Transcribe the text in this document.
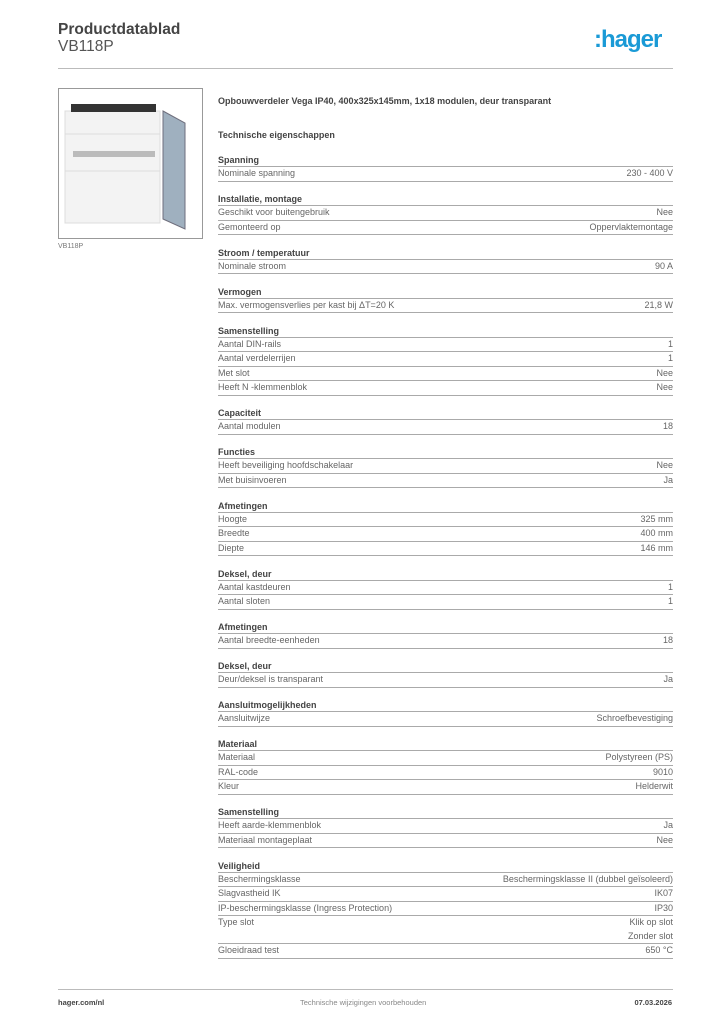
Productdatablad
VB118P	:hager
VB118P
Opbouwverdeler Vega IP40, 400x325x145mm, 1x18 modulen, deur transparant
Technische eigenschappen
Spanning
Nominale spanning	230 - 400 V
Installatie, montage
Geschikt voor buitengebruik	Nee
Gemonteerd op	Oppervlaktemontage
Stroom / temperatuur
Nominale stroom	90 A
Vermogen
Max. vermogensverlies per kast bij ΔT=20 K	21,8 W
Samenstelling
Aantal DIN-rails	1
Aantal verdelerrijen	1
Met slot	Nee
Heeft N -klemmenblok	Nee
Capaciteit
Aantal modulen	18
Functies
Heeft beveiliging hoofdschakelaar	Nee
Met buisinvoeren	Ja
Afmetingen
Hoogte	325 mm
Breedte	400 mm
Diepte	146 mm
Deksel, deur
Aantal kastdeuren	1
Aantal sloten	1
Afmetingen
Aantal breedte-eenheden	18
Deksel, deur
Deur/deksel is transparant	Ja
Aansluitmogelijkheden
Aansluitwijze	Schroefbevestiging
Materiaal
Materiaal	Polystyreen (PS)
RAL-code	9010
Kleur	Helderwit
Samenstelling
Heeft aarde-klemmenblok	Ja
Materiaal montageplaat	Nee
Veiligheid
Beschermingsklasse	Beschermingsklasse II (dubbel geïsoleerd)
Slagvastheid IK	IK07
IP-beschermingsklasse (Ingress Protection)	IP30
Type slot	Klik op slot
Zonder slot
Gloeidraad test	650 °C
hager.com/nl	Technische wijzigingen voorbehouden	07.03.2026
